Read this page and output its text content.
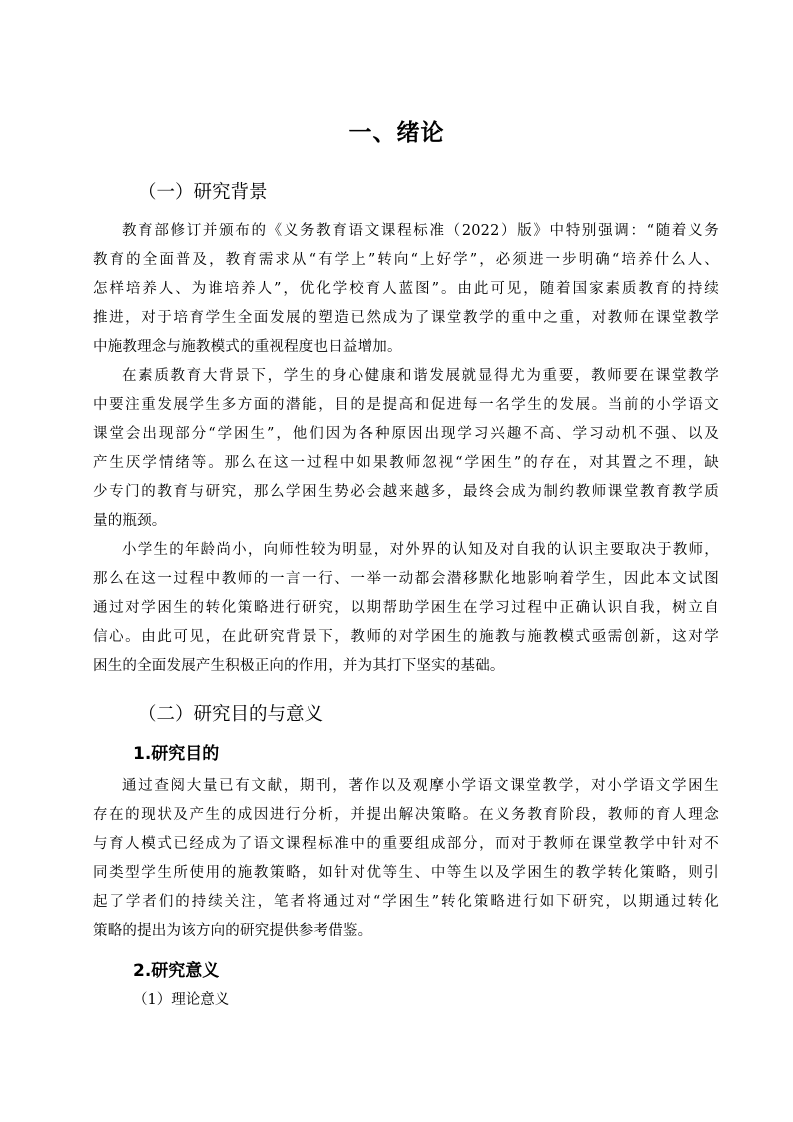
一、绪论
（一）研究背景
教育部修订并颁布的《义务教育语文课程标准（2022）版》中特别强调：“随着义务
教育的全面普及，教育需求从“有学上”转向“上好学”，必须进一步明确“培养什么人、
怎样培养人、为谁培养人”，优化学校育人蓝图”。由此可见，随着国家素质教育的持续
推进，对于培育学生全面发展的塑造已然成为了课堂教学的重中之重，对教师在课堂教学
中施教理念与施教模式的重视程度也日益增加。
在素质教育大背景下，学生的身心健康和谐发展就显得尤为重要，教师要在课堂教学
中要注重发展学生多方面的潜能，目的是提高和促进每一名学生的发展。当前的小学语文
课堂会出现部分“学困生”，他们因为各种原因出现学习兴趣不高、学习动机不强、以及
产生厌学情绪等。那么在这一过程中如果教师忽视“学困生”的存在，对其置之不理，缺
少专门的教育与研究，那么学困生势必会越来越多，最终会成为制约教师课堂教育教学质
量的瓶颈。
小学生的年龄尚小，向师性较为明显，对外界的认知及对自我的认识主要取决于教师，
那么在这一过程中教师的一言一行、一举一动都会潜移默化地影响着学生，因此本文试图
通过对学困生的转化策略进行研究，以期帮助学困生在学习过程中正确认识自我，树立自
信心。由此可见，在此研究背景下，教师的对学困生的施教与施教模式亟需创新，这对学
困生的全面发展产生积极正向的作用，并为其打下坚实的基础。
（二）研究目的与意义
1.研究目的
通过查阅大量已有文献，期刊，著作以及观摩小学语文课堂教学，对小学语文学困生
存在的现状及产生的成因进行分析，并提出解决策略。在义务教育阶段，教师的育人理念
与育人模式已经成为了语文课程标准中的重要组成部分，而对于教师在课堂教学中针对不
同类型学生所使用的施教策略，如针对优等生、中等生以及学困生的教学转化策略，则引
起了学者们的持续关注，笔者将通过对“学困生”转化策略进行如下研究，以期通过转化
策略的提出为该方向的研究提供参考借鉴。
2.研究意义
（1）理论意义
